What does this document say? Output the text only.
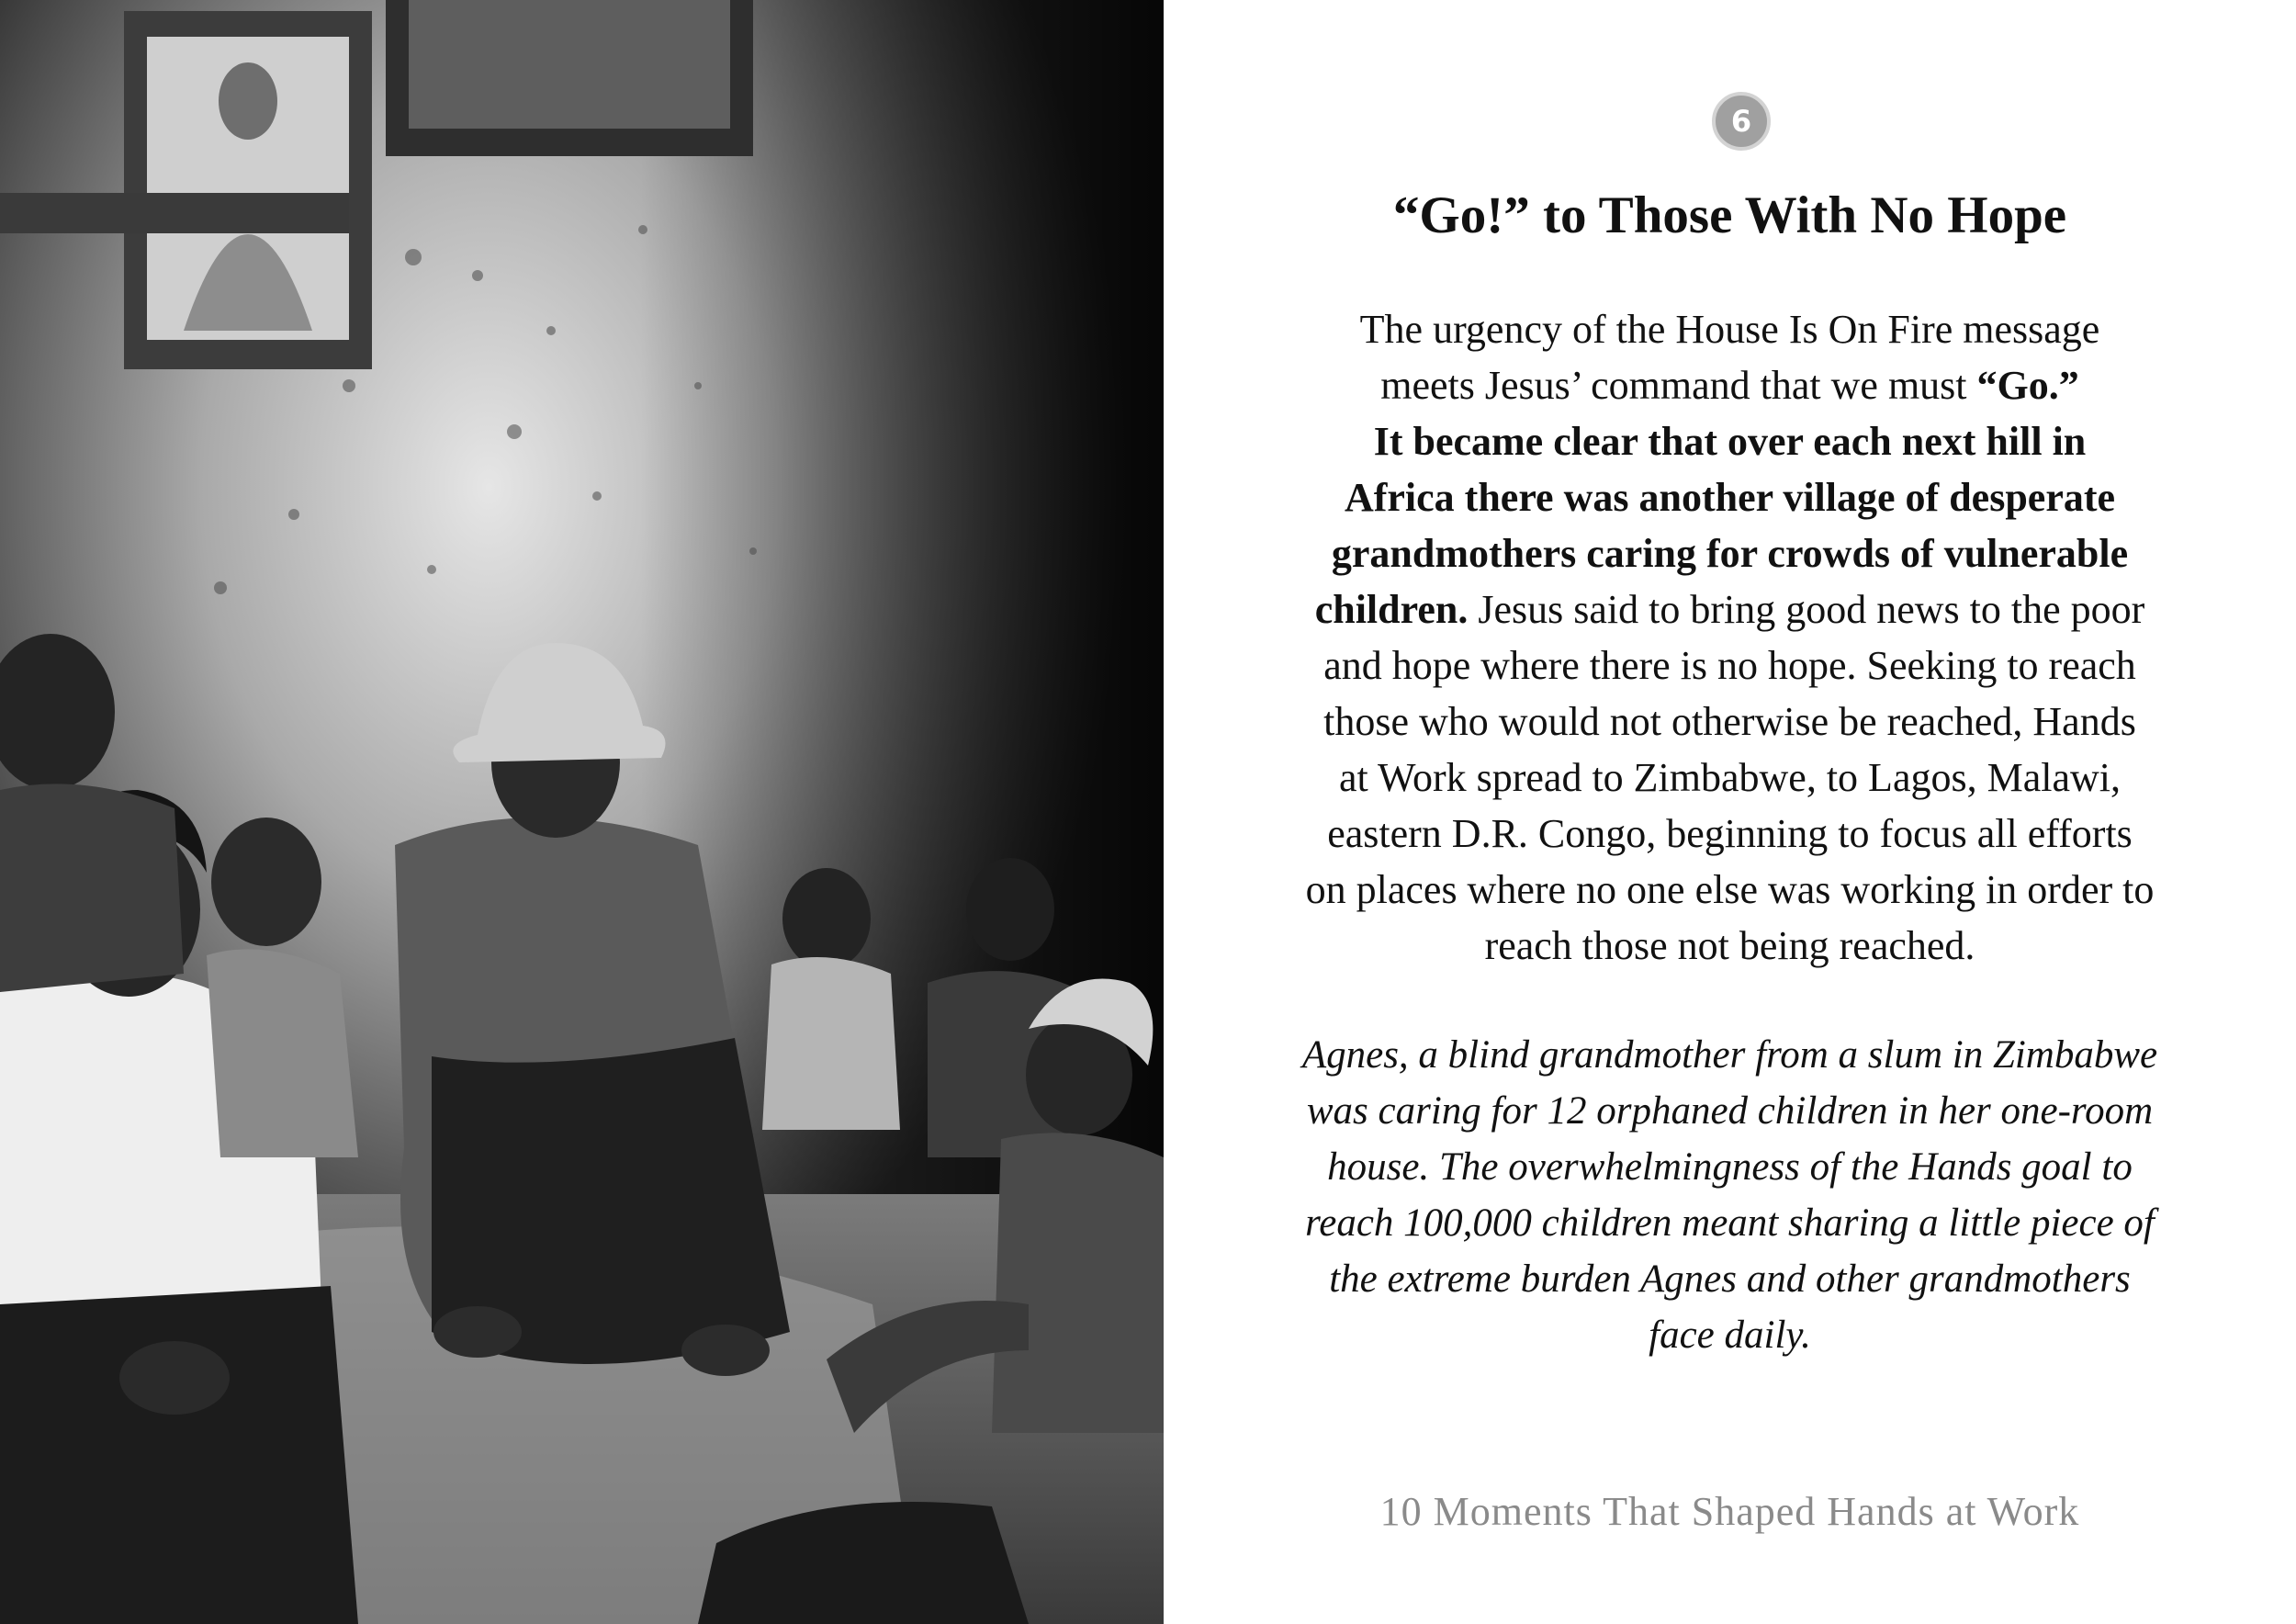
6
“Go!” to Those With No Hope
The urgency of the House Is On Fire message
meets Jesus’ command that we must “Go.”
It became clear that over each next hill in
Africa there was another village of desperate
grandmothers caring for crowds of vulnerable
children. Jesus said to bring good news to the poor
and hope where there is no hope. Seeking to reach
those who would not otherwise be reached, Hands
at Work spread to Zimbabwe, to Lagos, Malawi,
eastern D.R. Congo, beginning to focus all efforts
on places where no one else was working in order to
reach those not being reached.
Agnes, a blind grandmother from a slum in Zimbabwe
was caring for 12 orphaned children in her one-room
house. The overwhelmingness of the Hands goal to
reach 100,000 children meant sharing a little piece of
the extreme burden Agnes and other grandmothers
face daily.
10 Moments That Shaped Hands at Work
